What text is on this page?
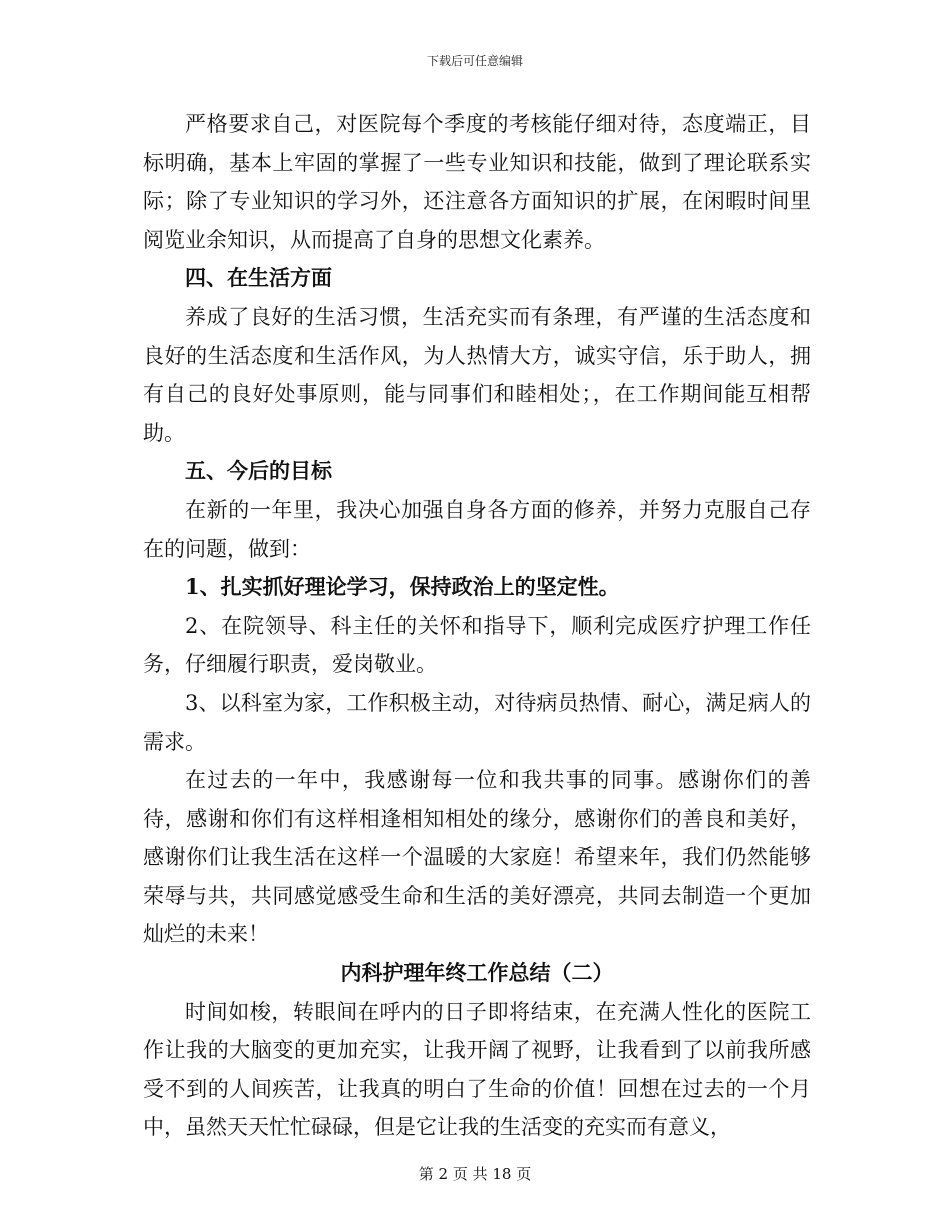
下载后可任意编辑

严格要求自己，对医院每个季度的考核能仔细对待，态度端正，目标明确，基本上牢固的掌握了一些专业知识和技能，做到了理论联系实际；除了专业知识的学习外，还注意各方面知识的扩展，在闲暇时间里阅览业余知识，从而提高了自身的思想文化素养。

四、在生活方面

养成了良好的生活习惯，生活充实而有条理，有严谨的生活态度和良好的生活态度和生活作风，为人热情大方，诚实守信，乐于助人，拥有自己的良好处事原则，能与同事们和睦相处；，在工作期间能互相帮助。

五、今后的目标

在新的一年里，我决心加强自身各方面的修养，并努力克服自己存在的问题，做到：

1、扎实抓好理论学习，保持政治上的坚定性。

2、在院领导、科主任的关怀和指导下，顺利完成医疗护理工作任务，仔细履行职责，爱岗敬业。

3、以科室为家，工作积极主动，对待病员热情、耐心，满足病人的需求。

在过去的一年中，我感谢每一位和我共事的同事。感谢你们的善待，感谢和你们有这样相逢相知相处的缘分，感谢你们的善良和美好，感谢你们让我生活在这样一个温暖的大家庭！希望来年，我们仍然能够荣辱与共，共同感觉感受生命和生活的美好漂亮，共同去制造一个更加灿烂的未来！

内科护理年终工作总结（二）

时间如梭，转眼间在呼内的日子即将结束，在充满人性化的医院工作让我的大脑变的更加充实，让我开阔了视野，让我看到了以前我所感受不到的人间疾苦，让我真的明白了生命的价值！回想在过去的一个月中，虽然天天忙忙碌碌，但是它让我的生活变的充实而有意义，

第 2 页 共 18 页
